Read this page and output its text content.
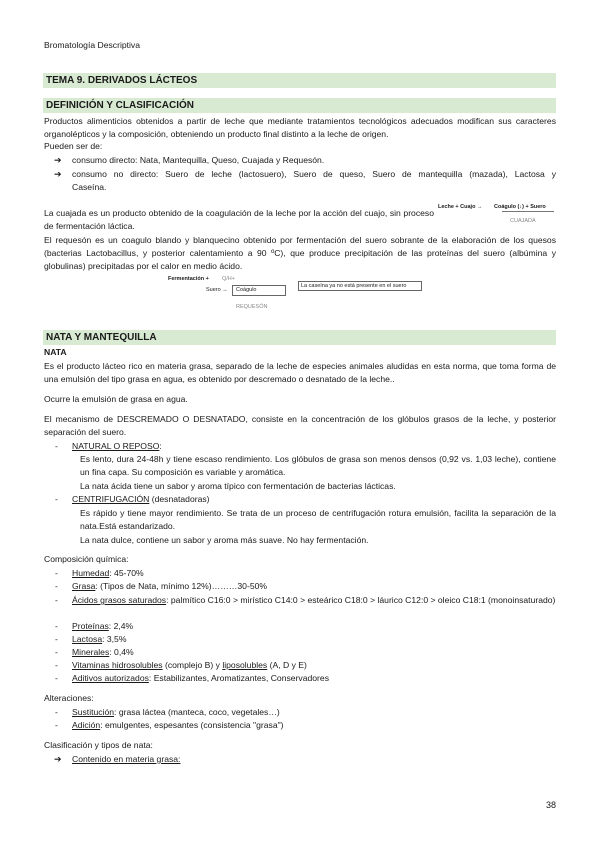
Bromatología Descriptiva
TEMA 9. DERIVADOS LÁCTEOS
DEFINICIÓN Y CLASIFICACIÓN
Productos alimenticios obtenidos a partir de leche que mediante tratamientos tecnológicos adecuados modifican sus caracteres organolépticos y la composición, obteniendo un producto final distinto a la leche de origen.
Pueden ser de:
➔ consumo directo: Nata, Mantequilla, Queso, Cuajada y Requesón.
➔ consumo no directo: Suero de leche (lactosuero), Suero de queso, Suero de mantequilla (mazada), Lactosa y Caseína.
La cuajada es un producto obtenido de la coagulación de la leche por la acción del cuajo, sin proceso de fermentación láctica.
Leche + Cuajo → Coágulo (↓) + Suero
CUAJADA
El requesón es un coagulo blando y blanquecino obtenido por fermentación del suero sobrante de la elaboración de los quesos (bacterias Lactobacillus, y posterior calentamiento a 90 ºC), que produce precipitación de las proteínas del suero (albúmina y globulinas) precipitadas por el calor en medio ácido.
Fermentación + Q/H+
Suero →	Coágulo
REQUESÓN
La caseína ya no está presente en el suero
NATA Y MANTEQUILLA
NATA
Es el producto lácteo rico en materia grasa, separado de la leche de especies animales aludidas en esta norma, que toma forma de una emulsión del tipo grasa en agua, es obtenido por descremado o desnatado de la leche..
Ocurre la emulsión de grasa en agua.
El mecanismo de DESCREMADO O DESNATADO, consiste en la concentración de los glóbulos grasos de la leche, y posterior separación del suero.
- NATURAL O REPOSO:
Es lento, dura 24-48h y tiene escaso rendimiento. Los glóbulos de grasa son menos densos (0,92 vs. 1,03 leche), contiene un fina capa. Su composición es variable y aromática.
La nata ácida tiene un sabor y aroma típico con fermentación de bacterias lácticas.
- CENTRIFUGACIÓN (desnatadoras)
Es rápido y tiene mayor rendimiento. Se trata de un proceso de centrifugación rotura emulsión, facilita la separación de la nata.Está estandarizado.
La nata dulce, contiene un sabor y aroma más suave. No hay fermentación.
Composición química:
- Humedad: 45-70%
- Grasa: (Tipos de Nata, mínimo 12%)………30-50%
- Ácidos grasos saturados: palmítico C16:0 > mirístico C14:0 > esteárico C18:0 > láurico C12:0 > oleico C18:1 (monoinsaturado)
- Proteínas: 2,4%
- Lactosa: 3,5%
- Minerales: 0,4%
- Vitaminas hidrosolubles (complejo B) y liposolubles (A, D y E)
- Aditivos autorizados: Estabilizantes, Aromatizantes, Conservadores
Alteraciones:
- Sustitución: grasa láctea (manteca, coco, vegetales…)
- Adición: emulgentes, espesantes (consistencia "grasa")
Clasificación y tipos de nata:
➔ Contenido en materia grasa:
38
